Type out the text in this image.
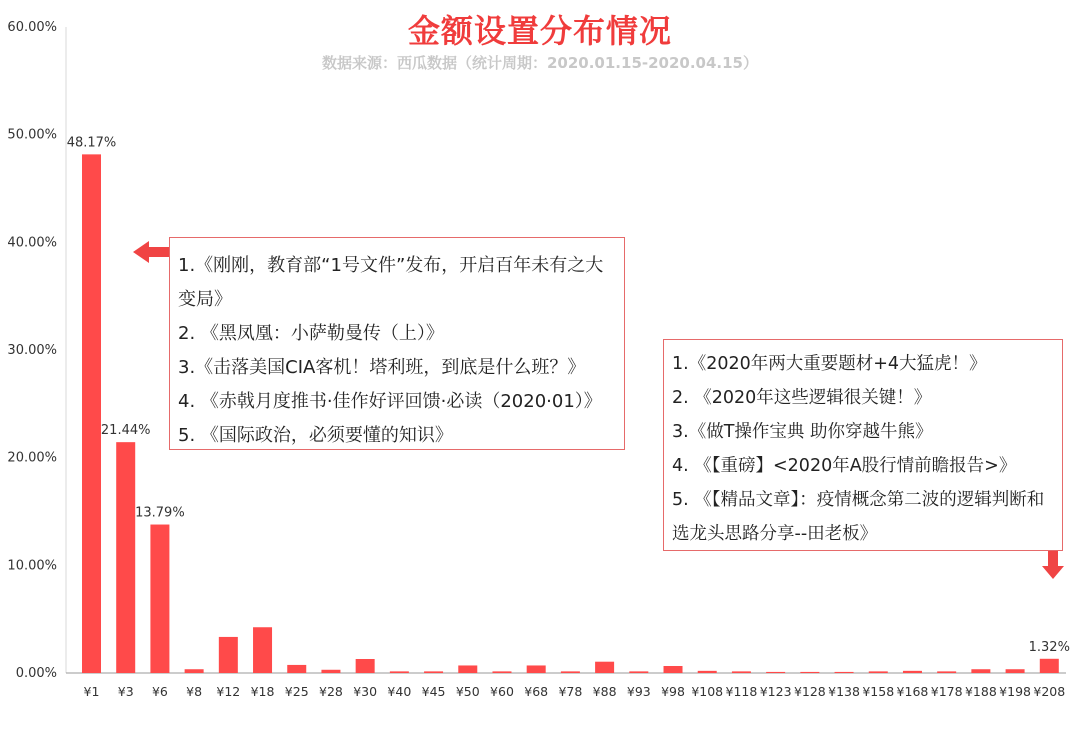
0.00%
10.00%
20.00%
30.00%
40.00%
50.00%
60.00%
¥1 ¥3 ¥6 ¥8 ¥12 ¥18 ¥25 ¥28 ¥30 ¥40 ¥45 ¥50 ¥60 ¥68 ¥78 ¥88 ¥93 ¥98 ¥108 ¥118 ¥123 ¥128 ¥138 ¥158 ¥168 ¥178 ¥188 ¥198 ¥208
48.17%
21.44%
13.79%
1.32%
金额设置分布情况
数据来源：西瓜数据（统计周期：2020.01.15-2020.04.15）
1.《刚刚，教育部“1号文件”发布，开启百年未有之大变局》
2. 《黑凤凰：小萨勒曼传（上）》
3.《击落美国CIA客机！塔利班，到底是什么班？》
4. 《赤戟月度推书·佳作好评回馈·必读（2020·01）》
5. 《国际政治，必须要懂的知识》
1.《2020年两大重要题材+4大猛虎！》
2. 《2020年这些逻辑很关键！》
3.《做T操作宝典 助你穿越牛熊》
4. 《【重磅】<2020年A股行情前瞻报告>》
5. 《【精品文章】：疫情概念第二波的逻辑判断和选龙头思路分享--田老板》
